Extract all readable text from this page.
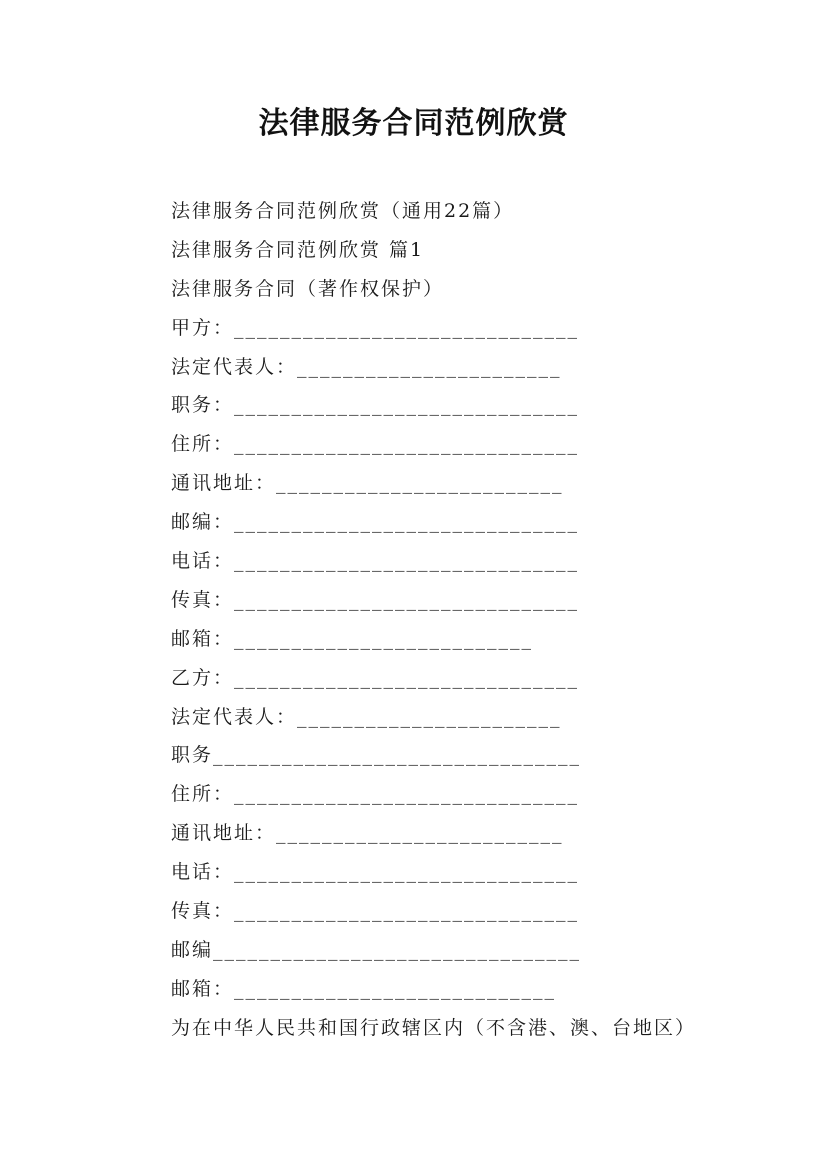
法律服务合同范例欣赏
法律服务合同范例欣赏（通用22篇）
法律服务合同范例欣赏 篇1
法律服务合同（著作权保护）
甲方：______________________________
法定代表人：_______________________
职务：______________________________
住所：______________________________
通讯地址：_________________________
邮编：______________________________
电话：______________________________
传真：______________________________
邮箱：__________________________
乙方：______________________________
法定代表人：_______________________
职务________________________________
住所：______________________________
通讯地址：_________________________
电话：______________________________
传真：______________________________
邮编________________________________
邮箱：____________________________
为在中华人民共和国行政辖区内（不含港、澳、台地区）
